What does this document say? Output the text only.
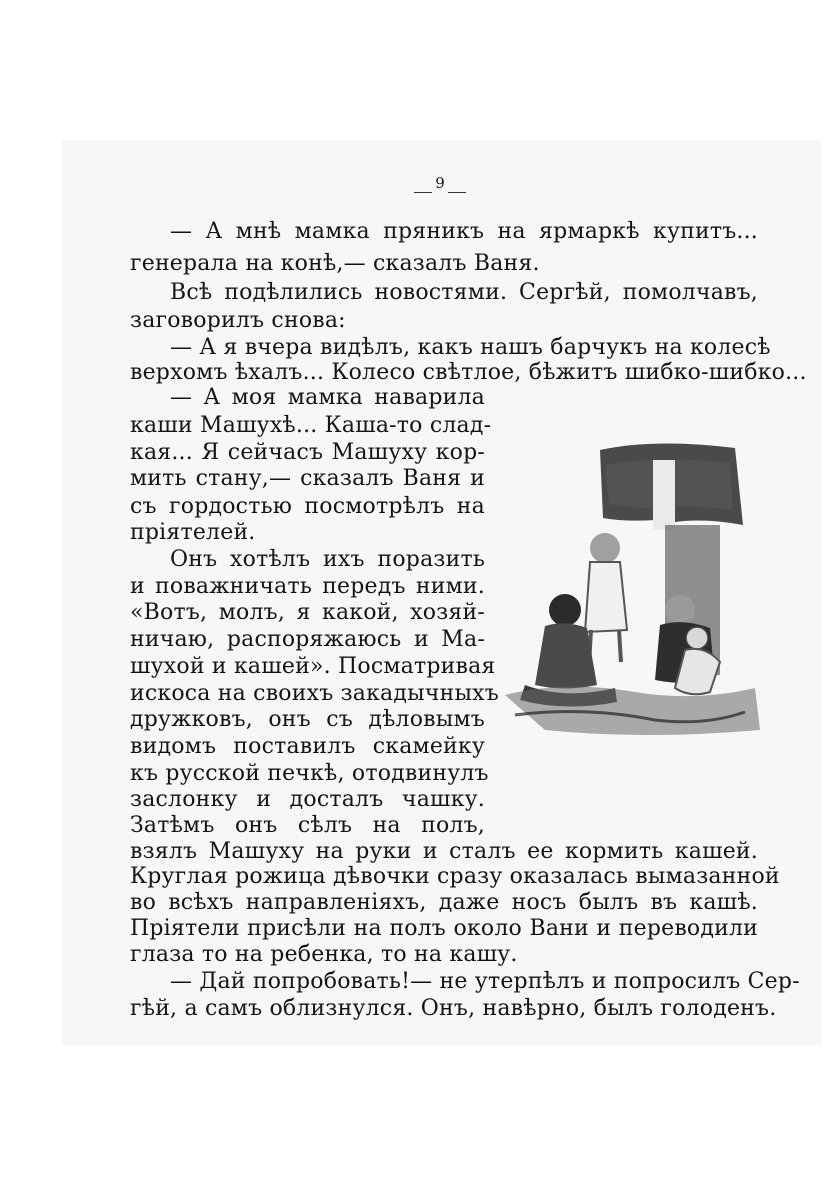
9
— А мнѣ мамка пряникъ на ярмаркѣ купитъ...
генерала на конѣ,— сказалъ Ваня.
Всѣ подѣлились новостями. Сергѣй, помолчавъ,
заговорилъ снова:
— А я вчера видѣлъ, какъ нашъ барчукъ на колесѣ
верхомъ ѣхалъ... Колесо свѣтлое, бѣжитъ шибко-шибко...
— А моя мамка наварила
каши Машухѣ... Каша-то слад-
кая... Я сейчасъ Машуху кор-
мить стану,— сказалъ Ваня и
съ гордостью посмотрѣлъ на
пріятелей.
Онъ хотѣлъ ихъ поразить
и поважничать передъ ними.
«Вотъ, молъ, я какой, хозяй-
ничаю, распоряжаюсь и Ма-
шухой и кашей». Посматривая
искоса на своихъ закадычныхъ
дружковъ, онъ съ дѣловымъ
видомъ поставилъ скамейку
къ русской печкѣ, отодвинулъ
заслонку и досталъ чашку.
Затѣмъ онъ сѣлъ на полъ,
взялъ Машуху на руки и сталъ ее кормить кашей.
Круглая рожица дѣвочки сразу оказалась вымазанной
во всѣхъ направленіяхъ, даже носъ былъ въ кашѣ.
Пріятели присѣли на полъ около Вани и переводили
глаза то на ребенка, то на кашу.
— Дай попробовать!— не утерпѣлъ и попросилъ Сер-
гѣй, а самъ облизнулся. Онъ, навѣрно, былъ голоденъ.
